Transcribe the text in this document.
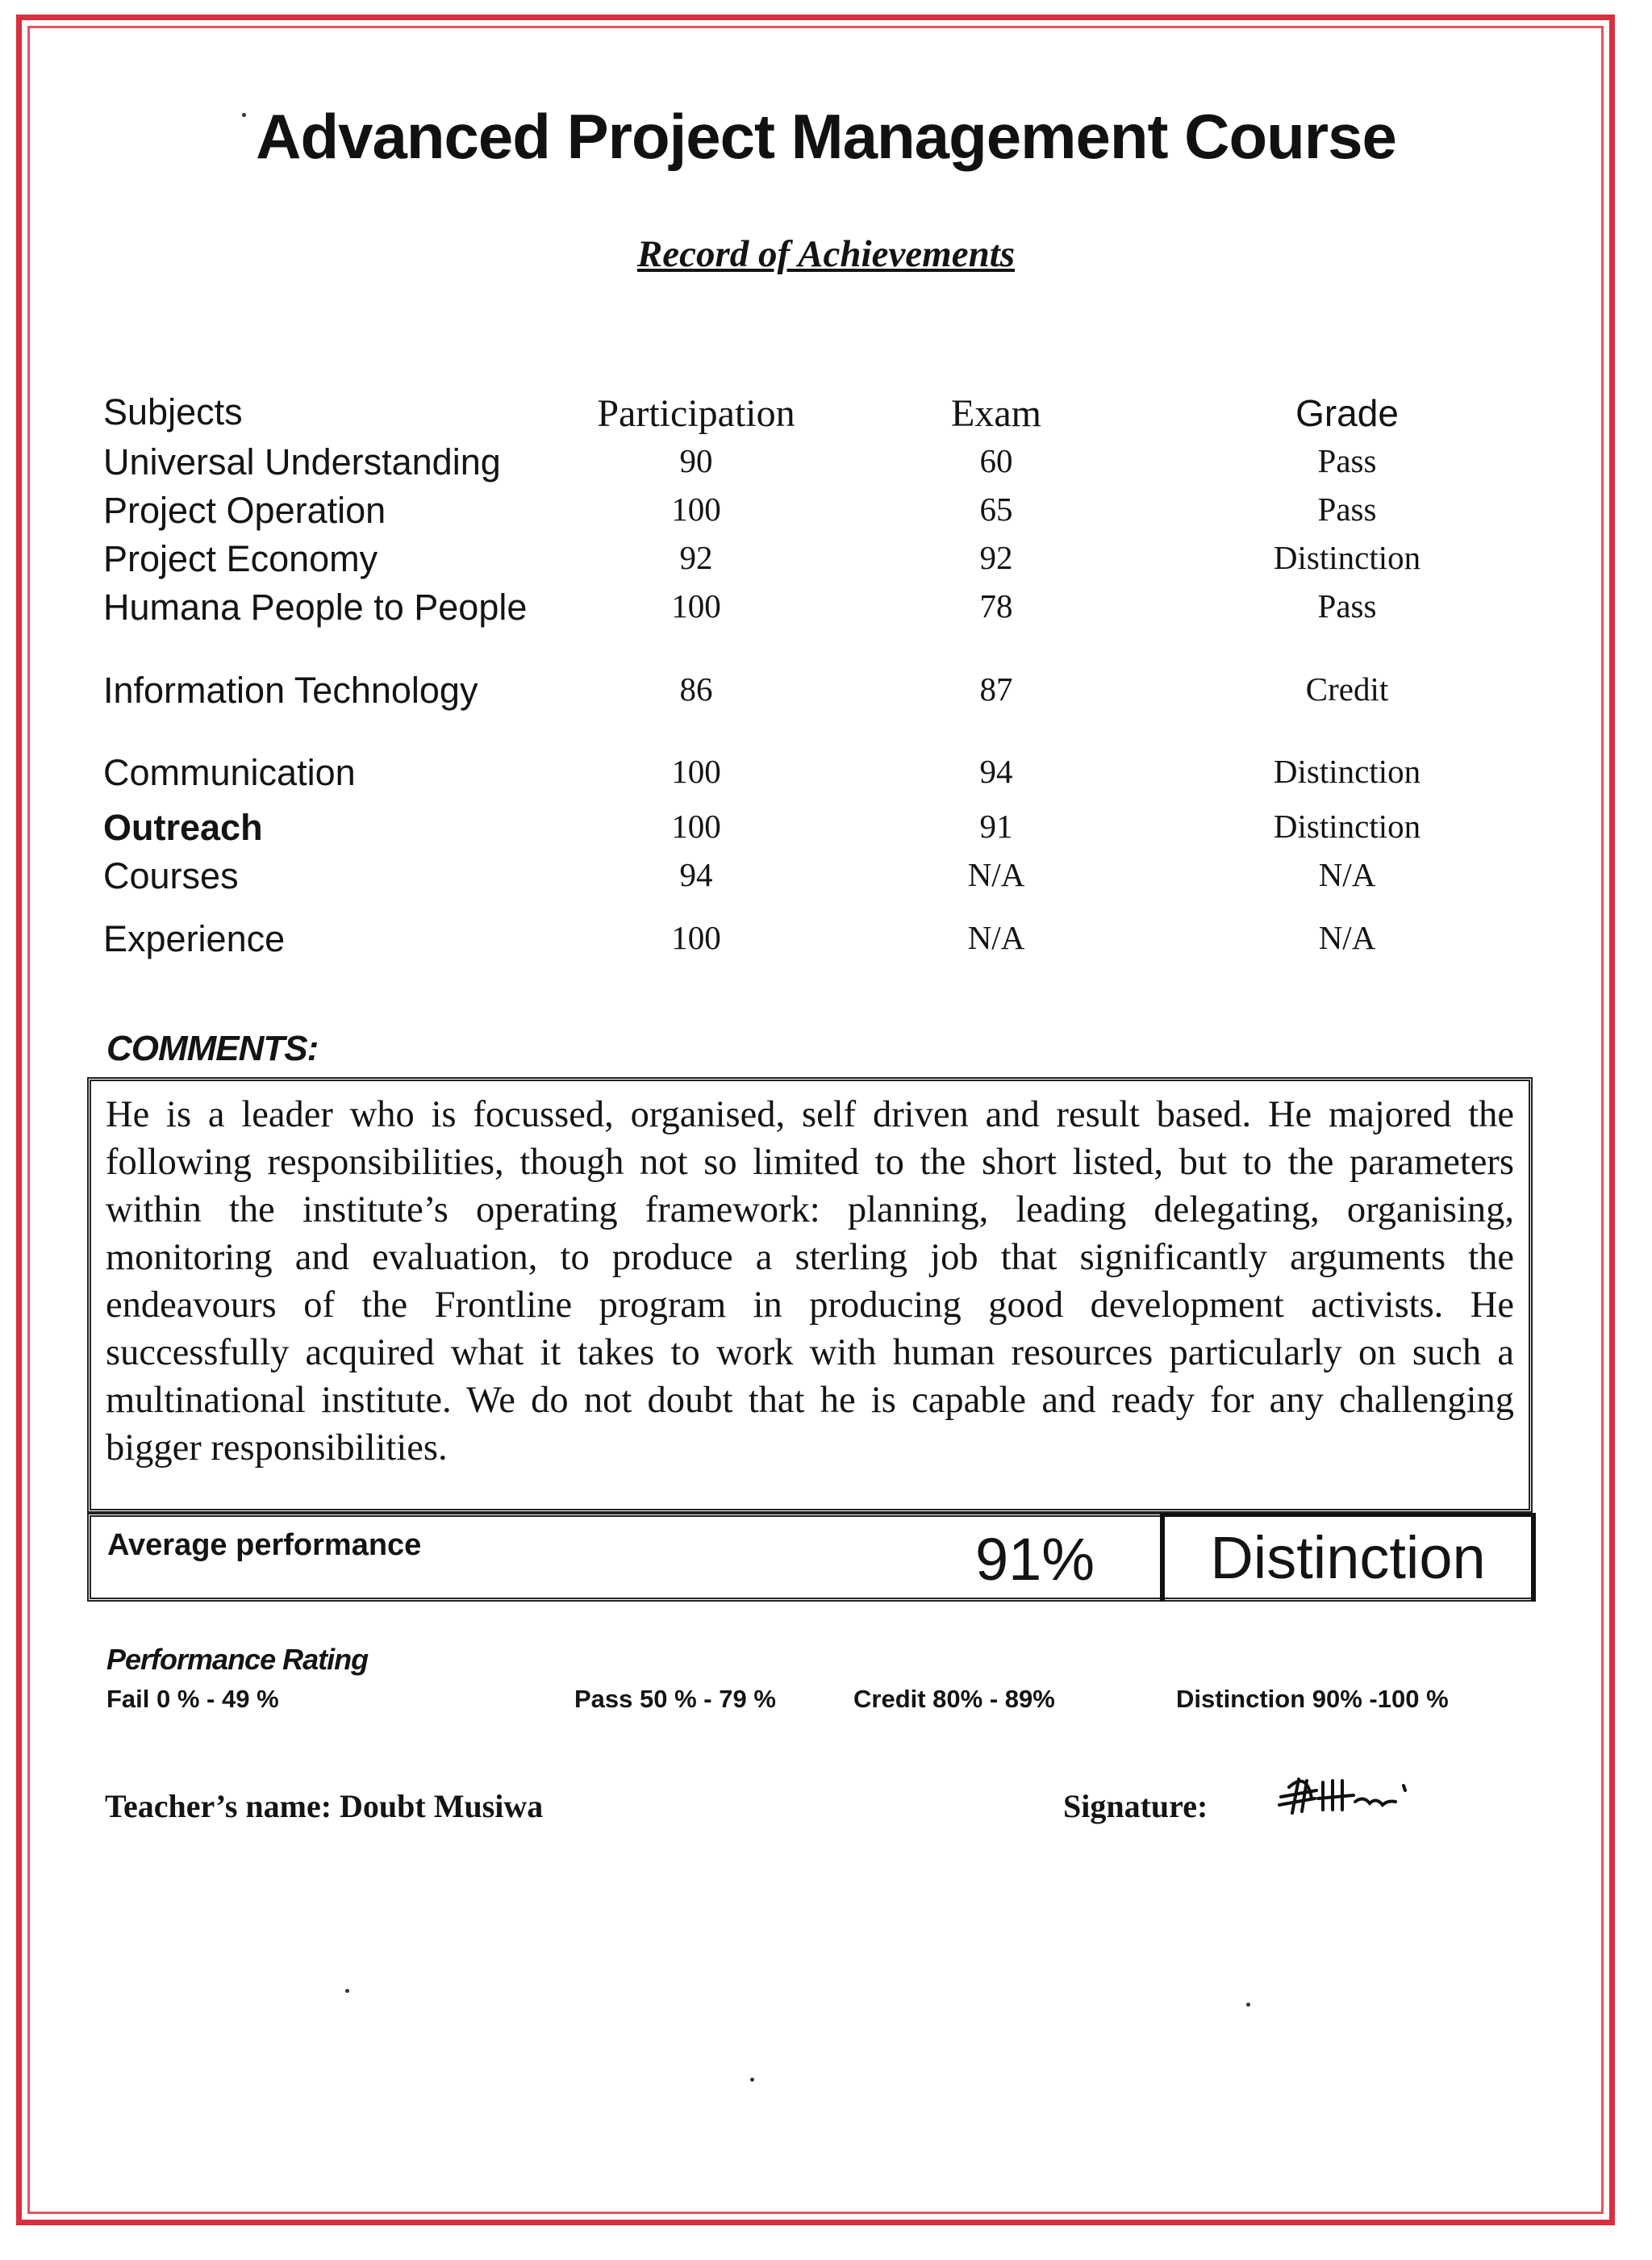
Advanced Project Management Course
Record of Achievements
Subjects	Participation	Exam	Grade
Universal Understanding	90	60	Pass
Project Operation	100	65	Pass
Project Economy	92	92	Distinction
Humana People to People	100	78	Pass
Information Technology	86	87	Credit
Communication	100	94	Distinction
Outreach	100	91	Distinction
Courses	94	N/A	N/A
Experience	100	N/A	N/A
COMMENTS:
He is a leader who is focussed, organised, self driven and result based. He majored the following responsibilities, though not so limited to the short listed, but to the parameters within the institute’s operating framework: planning, leading delegating, organising, monitoring and evaluation, to produce a sterling job that significantly arguments the endeavours of the Frontline program in producing good development activists. He successfully acquired what it takes to work with human resources particularly on such a multinational institute. We do not doubt that he is capable and ready for any challenging bigger responsibilities.
Average performance	91%	Distinction
Performance Rating
Fail 0 % - 49 %	Pass 50 % - 79 %	Credit 80% - 89%	Distinction 90% -100 %
Teacher’s name: Doubt Musiwa	Signature:
